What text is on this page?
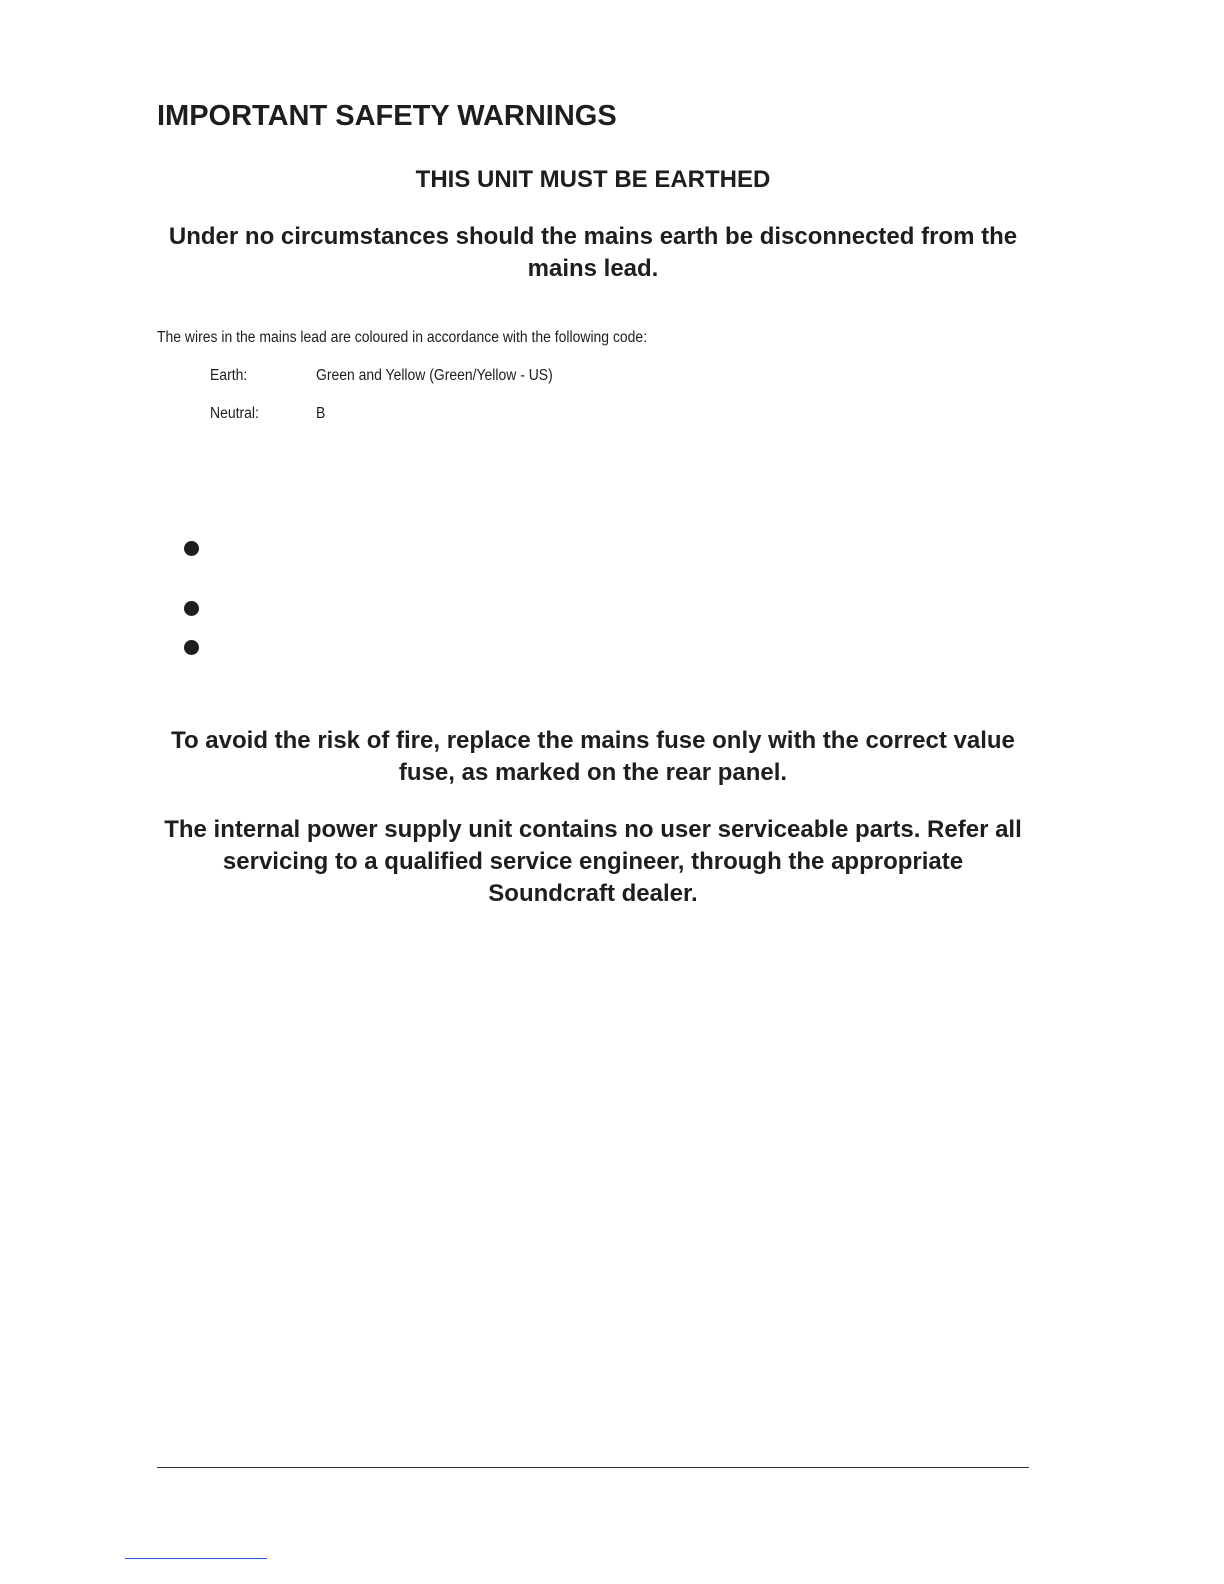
IMPORTANT SAFETY WARNINGS

THIS UNIT MUST BE EARTHED

Under no circumstances should the mains earth be disconnected from the mains lead.

The wires in the mains lead are coloured in accordance with the following code:

Earth:	Green and Yellow (Green/Yellow - US)
Neutral:	B

To avoid the risk of fire, replace the mains fuse only with the correct value fuse, as marked on the rear panel.

The internal power supply unit contains no user serviceable parts. Refer all servicing to a qualified service engineer, through the appropriate Soundcraft dealer.
